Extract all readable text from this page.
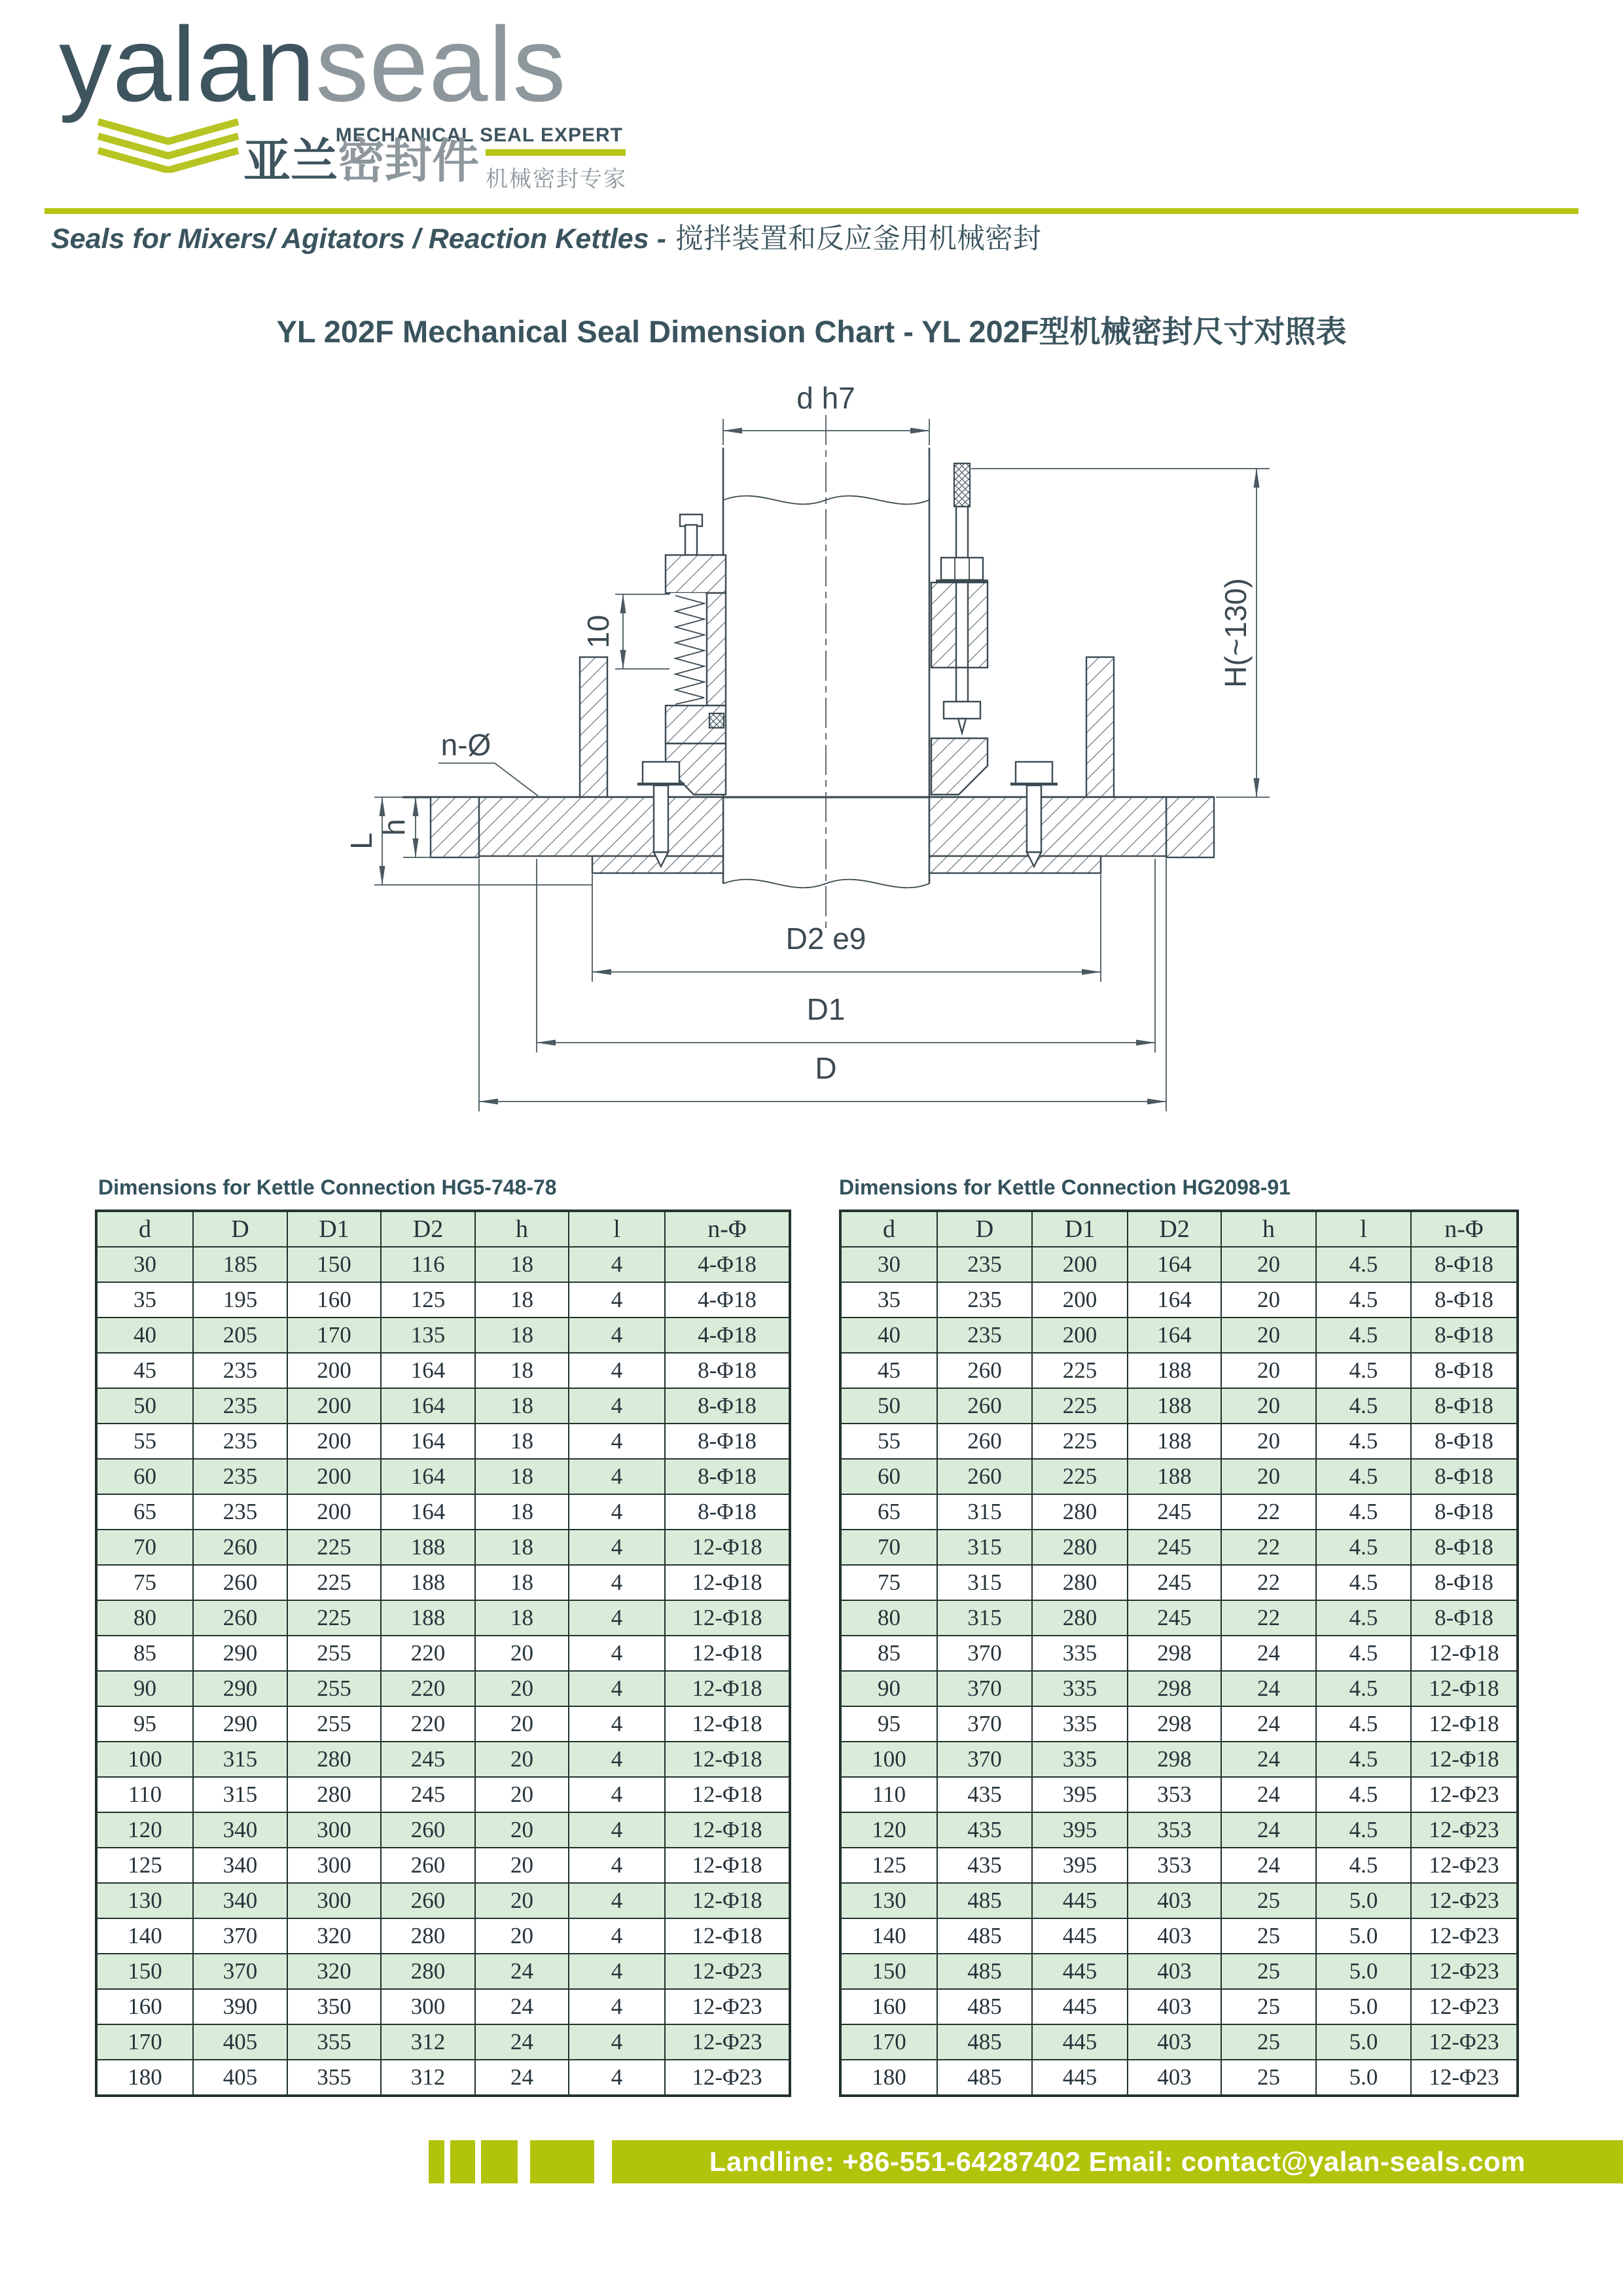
yalanseals
MECHANICAL SEAL EXPERT
亚兰密封件 机械密封专家
Seals for Mixers/ Agitators / Reaction Kettles - 搅拌装置和反应釜用机械密封
YL 202F Mechanical Seal Dimension Chart - YL 202F型机械密封尺寸对照表
d h7
10	H(~130)
n-Ø
h
L
D2 e9
D1
D
Dimensions for Kettle Connection HG5-748-78	Dimensions for Kettle Connection HG2098-91
d	D	D1	D2	h	l	n-Φ
30	185	150	116	18	4	4-Φ18
35	195	160	125	18	4	4-Φ18
40	205	170	135	18	4	4-Φ18
45	235	200	164	18	4	8-Φ18
50	235	200	164	18	4	8-Φ18
55	235	200	164	18	4	8-Φ18
60	235	200	164	18	4	8-Φ18
65	235	200	164	18	4	8-Φ18
70	260	225	188	18	4	12-Φ18
75	260	225	188	18	4	12-Φ18
80	260	225	188	18	4	12-Φ18
85	290	255	220	20	4	12-Φ18
90	290	255	220	20	4	12-Φ18
95	290	255	220	20	4	12-Φ18
100	315	280	245	20	4	12-Φ18
110	315	280	245	20	4	12-Φ18
120	340	300	260	20	4	12-Φ18
125	340	300	260	20	4	12-Φ18
130	340	300	260	20	4	12-Φ18
140	370	320	280	20	4	12-Φ18
150	370	320	280	24	4	12-Φ23
160	390	350	300	24	4	12-Φ23
170	405	355	312	24	4	12-Φ23
180	405	355	312	24	4	12-Φ23
d	D	D1	D2	h	l	n-Φ
30	235	200	164	20	4.5	8-Φ18
35	235	200	164	20	4.5	8-Φ18
40	235	200	164	20	4.5	8-Φ18
45	260	225	188	20	4.5	8-Φ18
50	260	225	188	20	4.5	8-Φ18
55	260	225	188	20	4.5	8-Φ18
60	260	225	188	20	4.5	8-Φ18
65	315	280	245	22	4.5	8-Φ18
70	315	280	245	22	4.5	8-Φ18
75	315	280	245	22	4.5	8-Φ18
80	315	280	245	22	4.5	8-Φ18
85	370	335	298	24	4.5	12-Φ18
90	370	335	298	24	4.5	12-Φ18
95	370	335	298	24	4.5	12-Φ18
100	370	335	298	24	4.5	12-Φ18
110	435	395	353	24	4.5	12-Φ23
120	435	395	353	24	4.5	12-Φ23
125	435	395	353	24	4.5	12-Φ23
130	485	445	403	25	5.0	12-Φ23
140	485	445	403	25	5.0	12-Φ23
150	485	445	403	25	5.0	12-Φ23
160	485	445	403	25	5.0	12-Φ23
170	485	445	403	25	5.0	12-Φ23
180	485	445	403	25	5.0	12-Φ23
Landline: +86-551-64287402 Email: contact@yalan-seals.com
